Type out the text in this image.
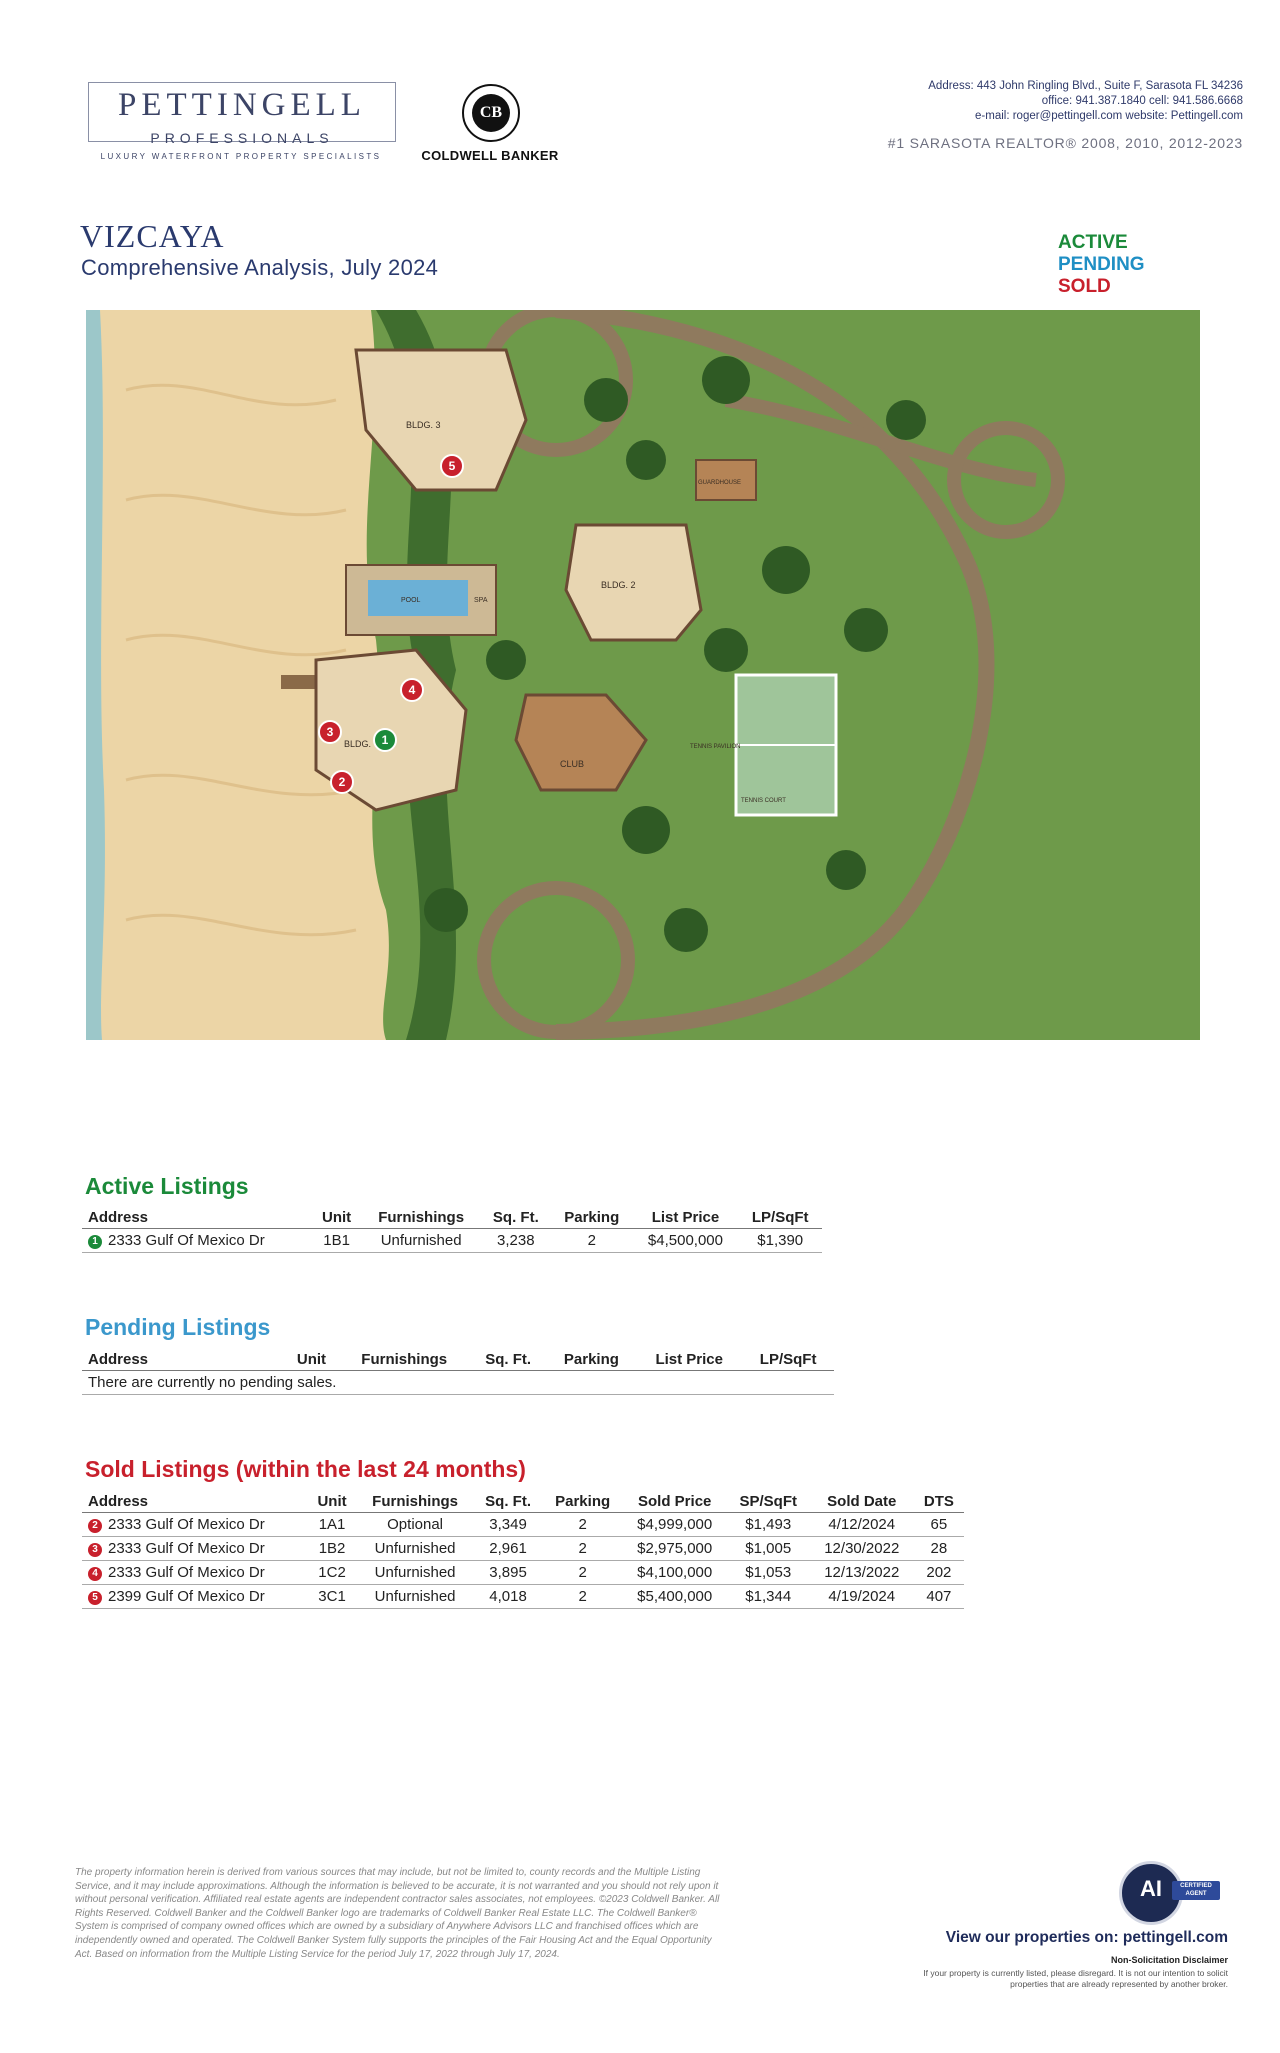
PETTINGELL
PROFESSIONALS
LUXURY WATERFRONT PROPERTY SPECIALISTS
CB
COLDWELL BANKER
Address: 443 John Ringling Blvd., Suite F, Sarasota FL 34236
office: 941.387.1840 cell: 941.586.6668
e-mail: roger@pettingell.com website: Pettingell.com
#1 SARASOTA REALTOR® 2008, 2010, 2012-2023
VIZCAYA
Comprehensive Analysis, July 2024
ACTIVE
PENDING
SOLD
BLDG. 3
BLDG. 2
BLDG.
POOL	SPA
CLUB
GUARDHOUSE
TENNIS PAVILION
TENNIS COURT
5
4
3
1
2
Active Listings
Address	Unit	Furnishings	Sq. Ft.	Parking	List Price	LP/SqFt
1 2333 Gulf Of Mexico Dr	1B1	Unfurnished	3,238	2	$4,500,000	$1,390
Pending Listings
Address	Unit	Furnishings	Sq. Ft.	Parking	List Price	LP/SqFt
There are currently no pending sales.
Sold Listings (within the last 24 months)
Address	Unit	Furnishings	Sq. Ft.	Parking	Sold Price	SP/SqFt	Sold Date	DTS
2 2333 Gulf Of Mexico Dr	1A1	Optional	3,349	2	$4,999,000	$1,493	4/12/2024	65
3 2333 Gulf Of Mexico Dr	1B2	Unfurnished	2,961	2	$2,975,000	$1,005	12/30/2022	28
4 2333 Gulf Of Mexico Dr	1C2	Unfurnished	3,895	2	$4,100,000	$1,053	12/13/2022	202
5 2399 Gulf Of Mexico Dr	3C1	Unfurnished	4,018	2	$5,400,000	$1,344	4/19/2024	407
The property information herein is derived from various sources that may include, but not be limited to, county records and the Multiple Listing Service, and it may include approximations. Although the information is believed to be accurate, it is not warranted and you should not rely upon it without personal verification. Affiliated real estate agents are independent contractor sales associates, not employees. ©2023 Coldwell Banker. All Rights Reserved. Coldwell Banker and the Coldwell Banker logo are trademarks of Coldwell Banker Real Estate LLC. The Coldwell Banker® System is comprised of company owned offices which are owned by a subsidiary of Anywhere Advisors LLC and franchised offices which are independently owned and operated. The Coldwell Banker System fully supports the principles of the Fair Housing Act and the Equal Opportunity Act. Based on information from the Multiple Listing Service for the period July 17, 2022 through July 17, 2024.
AI	CERTIFIED AGENT
View our properties on: pettingell.com
Non-Solicitation Disclaimer
If your property is currently listed, please disregard. It is not our intention to solicit properties that are already represented by another broker.
